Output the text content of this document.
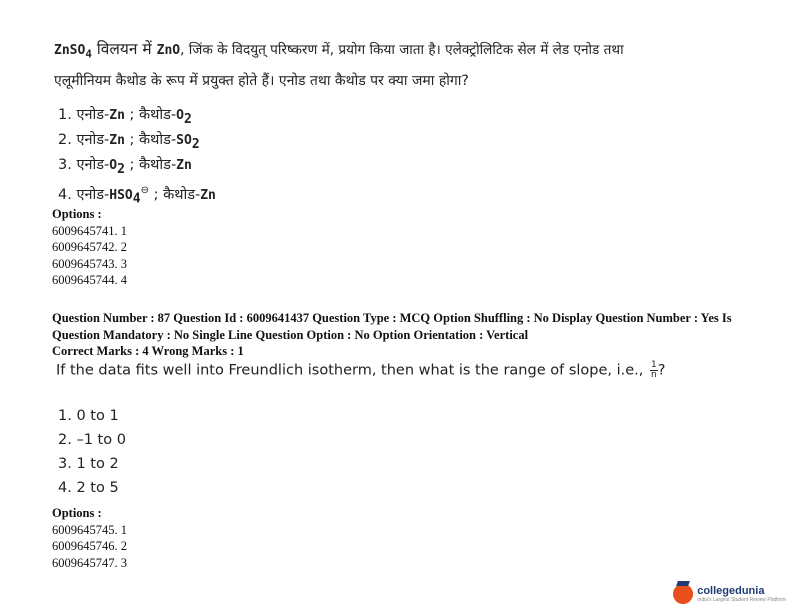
ZnSO$_4$ विलयन में ZnO, जिंक के विदयुत् परिष्करण में, प्रयोग किया जाता है। एलेक्ट्रोलिटिक सेल में लेड एनोड तथा
एलूमीनियम कैथोड के रूप में प्रयुक्त होते हैं। एनोड तथा कैथोड पर क्या जमा होगा?
1. एनोड-Zn ; $कैथोड-O_2$
2. एनोड-Zn ; $कैथोड-SO_2$
3. $एनोड-O_2$ ; कैथोड-Zn
4. $एनोड-HSO_4^⊖$ ; कैथोड-Zn
Options :
6009645741. 1
6009645742. 2
6009645743. 3
6009645744. 4
Question Number : 87 Question Id : 6009641437 Question Type : MCQ Option Shuffling : No Display Question Number : Yes Is
Question Mandatory : No Single Line Question Option : No Option Orientation : Vertical
Correct Marks : 4 Wrong Marks : 1
If the data fits well into Freundlich isotherm, then what is the range of slope, i.e., $\frac{1}{n}$ ?
1. 0 to 1
2. –1 to 0
3. 1 to 2
4. 2 to 5
Options :
6009645745. 1
6009645746. 2
6009645747. 3
collegedunia
India's Largest Student Review Platform
